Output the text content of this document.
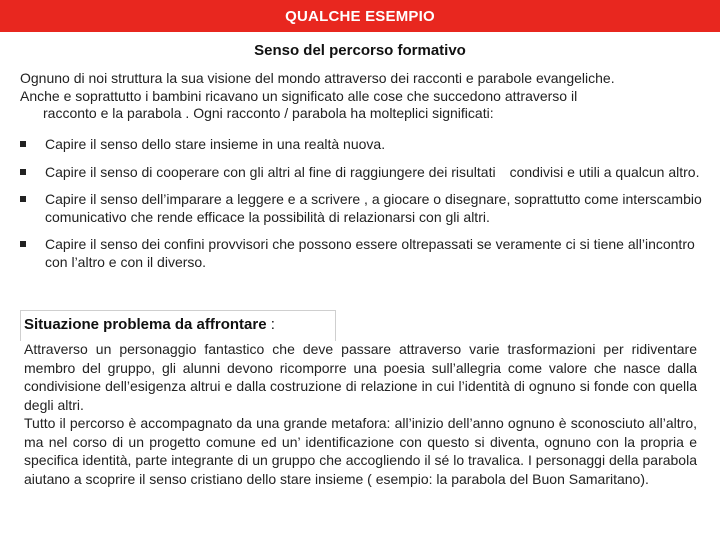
QUALCHE ESEMPIO
Senso del percorso formativo
Ognuno di noi struttura la sua visione del mondo attraverso dei racconti e parabole evangeliche.
Anche e soprattutto i bambini ricavano un significato alle cose che succedono attraverso il
racconto e la parabola . Ogni racconto / parabola ha molteplici significati:
Capire il senso dello stare insieme in una realtà nuova.
Capire il senso di cooperare con gli altri al fine di raggiungere dei risultati condivisi e utili a qualcun altro.
Capire il senso dell’imparare a leggere e a scrivere , a giocare o disegnare, soprattutto come interscambio comunicativo che rende efficace la possibilità di relazionarsi con gli altri.
Capire il senso dei confini provvisori che possono essere oltrepassati se veramente ci si tiene all’incontro con l’altro e con il diverso.
Situazione problema da affrontare :
Attraverso un personaggio fantastico che deve passare attraverso varie trasformazioni per ridiventare membro del gruppo, gli alunni devono ricomporre una poesia sull’allegria come valore che nasce dalla condivisione dell’esigenza altrui e dalla costruzione di relazione in cui l’identità di ognuno si fonde con quella degli altri.
Tutto il percorso è accompagnato da una grande metafora: all’inizio dell’anno ognuno è sconosciuto all’altro, ma nel corso di un progetto comune ed un’ identificazione con questo si diventa, ognuno con la propria e specifica identità, parte integrante di un gruppo che accogliendo il sé lo travalica. I personaggi della parabola aiutano a scoprire il senso cristiano dello stare insieme ( esempio: la parabola del Buon Samaritano).
